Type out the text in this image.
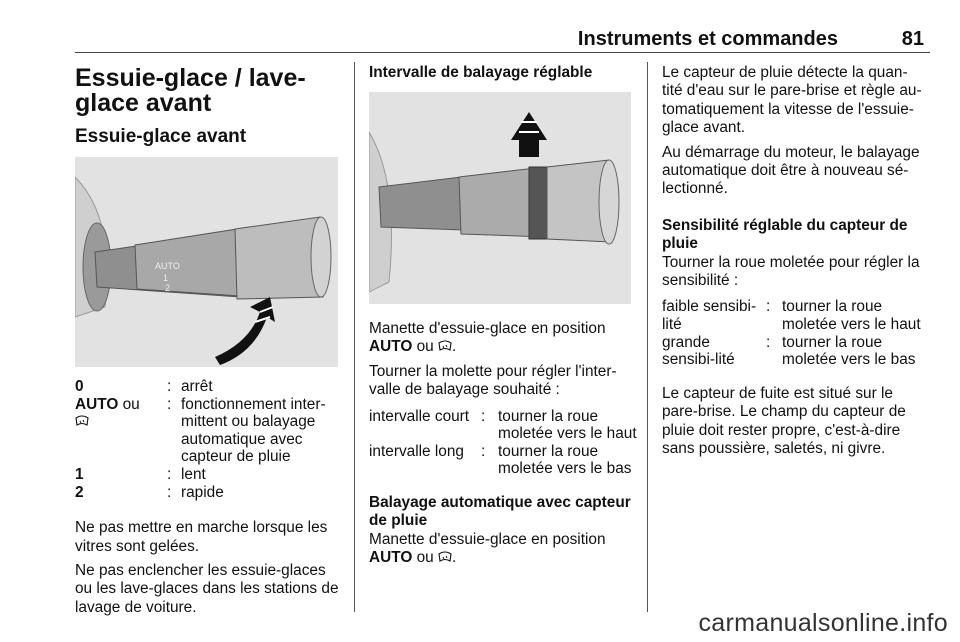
Instruments et commandes	81
Essuie-glace / lave-glace avant
Essuie-glace avant
AUTO
1
2
0	:	arrêt
AUTO ou	:	fonctionnement inter-mittent ou balayage automatique avec capteur de pluie
1	:	lent
2	:	rapide

Ne pas mettre en marche lorsque les vitres sont gelées.

Ne pas enclencher les essuie-glaces ou les lave-glaces dans les stations de lavage de voiture.

Intervalle de balayage réglable

Manette d'essuie-glace en position
AUTO ou .

Tourner la molette pour régler l'inter-valle de balayage souhaité :

intervalle court	:	tourner la roue moletée vers le haut
intervalle long	:	tourner la roue moletée vers le bas
Balayage automatique avec capteur de pluie

Manette d'essuie-glace en position
AUTO ou .

Le capteur de pluie détecte la quan-tité d'eau sur le pare-brise et règle au-tomatiquement la vitesse de l'essuie-glace avant.

Au démarrage du moteur, le balayage automatique doit être à nouveau sé-lectionné.

Sensibilité réglable du capteur de pluie

Tourner la roue moletée pour régler la sensibilité :

faible sensibi-lité	:	tourner la roue moletée vers le haut
grande sensibi-lité	:	tourner la roue moletée vers le bas

Le capteur de fuite est situé sur le pare-brise. Le champ du capteur de pluie doit rester propre, c'est-à-dire sans poussière, saletés, ni givre.

carmanualsonline.info
